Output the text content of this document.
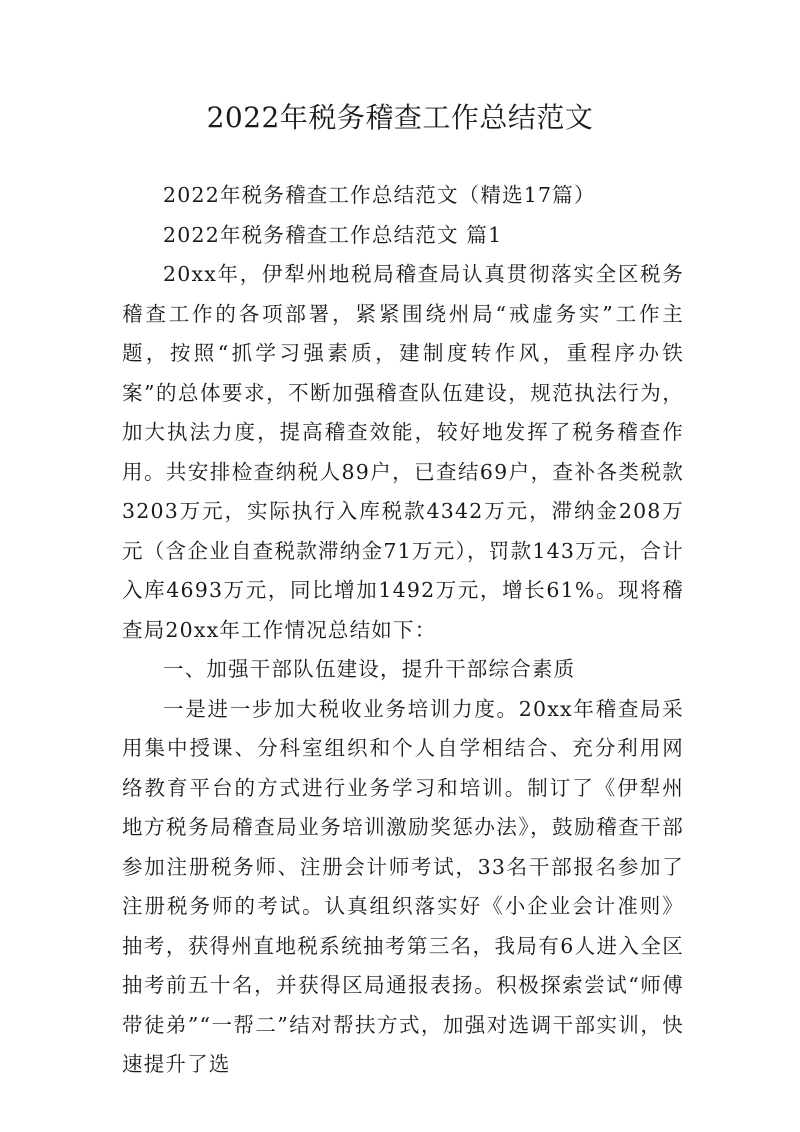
2022年税务稽查工作总结范文

2022年税务稽查工作总结范文（精选17篇）

2022年税务稽查工作总结范文 篇1

20xx年，伊犁州地税局稽查局认真贯彻落实全区税务稽查工作的各项部署，紧紧围绕州局“戒虚务实”工作主题，按照“抓学习强素质，建制度转作风，重程序办铁案”的总体要求，不断加强稽查队伍建设，规范执法行为，加大执法力度，提高稽查效能，较好地发挥了税务稽查作用。共安排检查纳税人89户，已查结69户，查补各类税款3203万元，实际执行入库税款4342万元，滞纳金208万元（含企业自查税款滞纳金71万元），罚款143万元，合计入库4693万元，同比增加1492万元，增长61%。现将稽查局20xx年工作情况总结如下：

一、加强干部队伍建设，提升干部综合素质

一是进一步加大税收业务培训力度。20xx年稽查局采用集中授课、分科室组织和个人自学相结合、充分利用网络教育平台的方式进行业务学习和培训。制订了《伊犁州地方税务局稽查局业务培训激励奖惩办法》，鼓励稽查干部参加注册税务师、注册会计师考试，33名干部报名参加了注册税务师的考试。认真组织落实好《小企业会计准则》抽考，获得州直地税系统抽考第三名，我局有6人进入全区抽考前五十名，并获得区局通报表扬。积极探索尝试“师傅带徒弟”“一帮二”结对帮扶方式，加强对选调干部实训，快速提升了选
